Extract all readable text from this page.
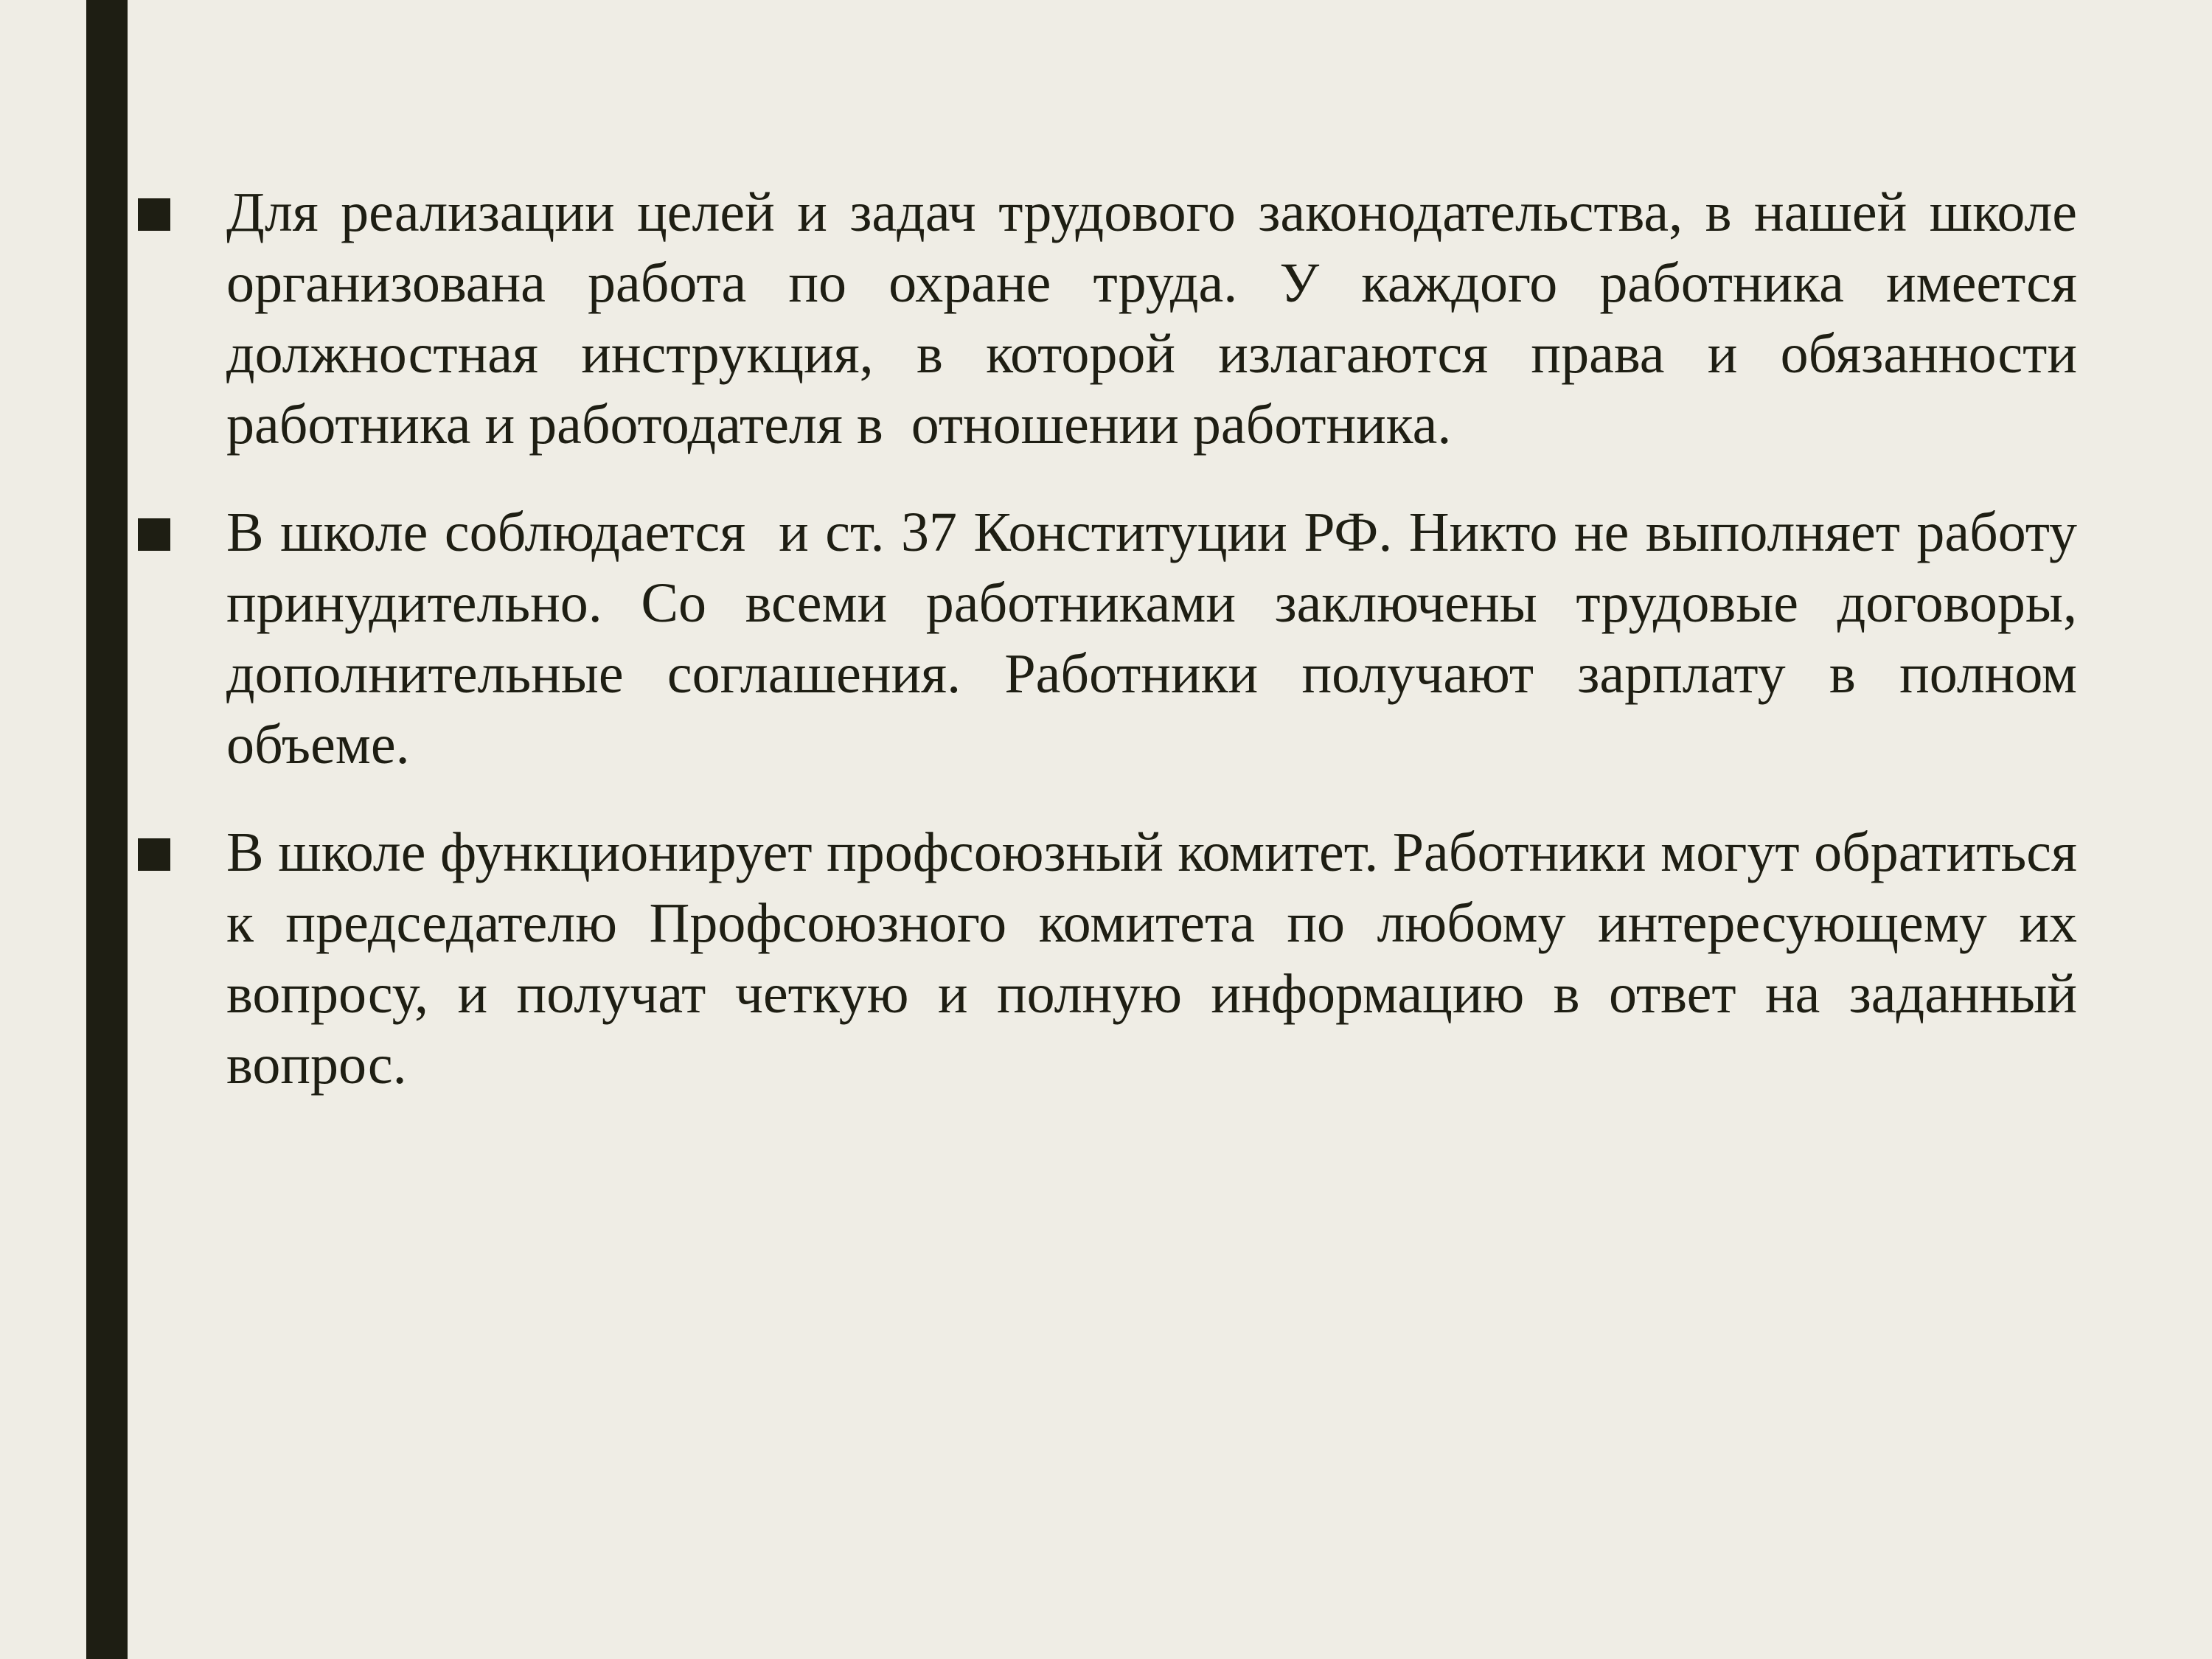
Для реализации целей и задач трудового законодательства, в нашей школе организована работа по охране труда. У каждого работника имеется должностная инструкция, в которой излагаются права и обязанности работника и работодателя в  отношении работника.
В школе соблюдается  и ст. 37 Конституции РФ. Никто не выполняет работу принудительно. Со всеми работниками заключены трудовые договоры, дополнительные соглашения. Работники получают зарплату в полном объеме.
В школе функционирует профсоюзный комитет. Работники могут обратиться к председателю Профсоюзного комитета по любому интересующему их вопросу, и получат четкую и полную информацию в ответ на заданный вопрос.
